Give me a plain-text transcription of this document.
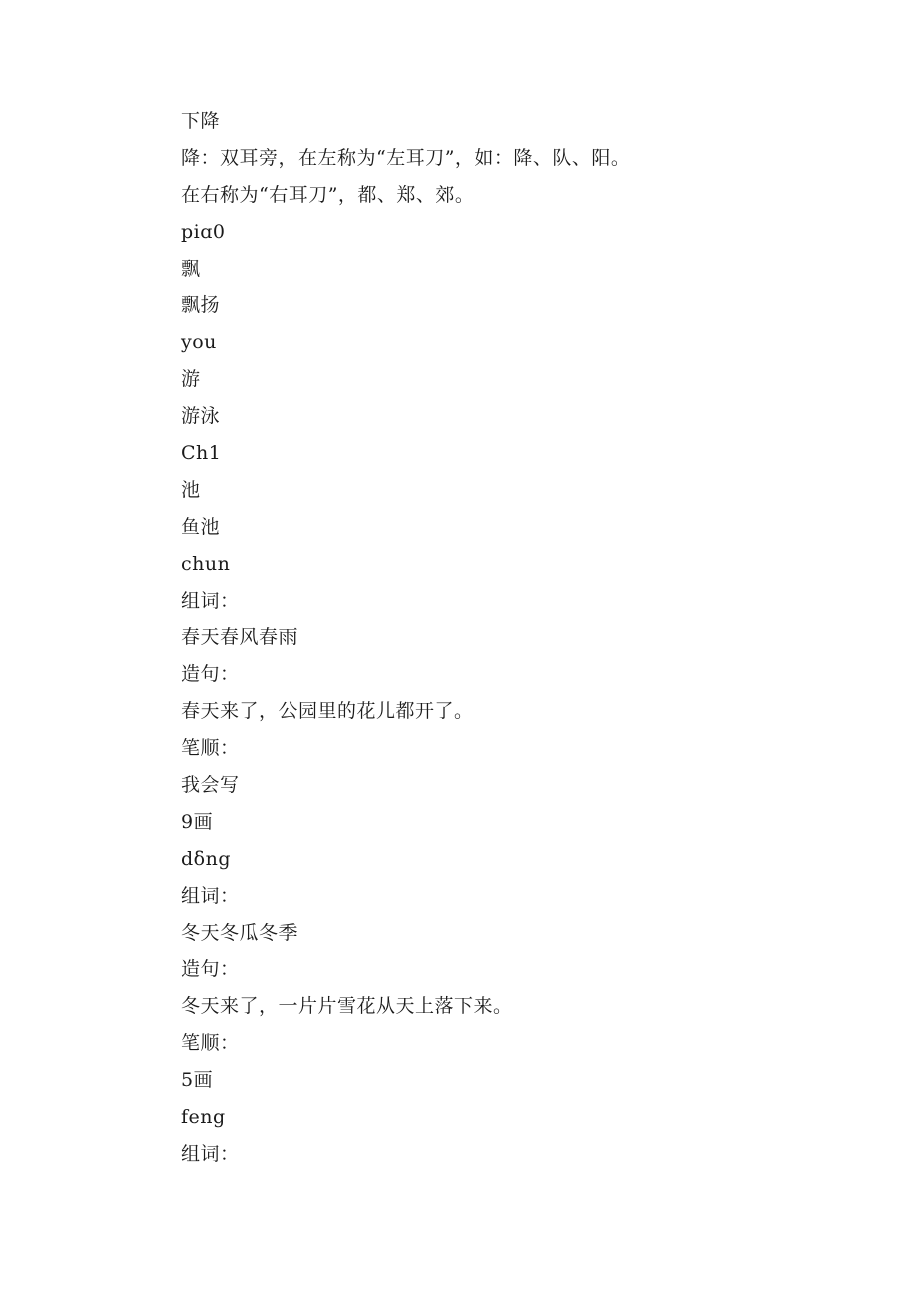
下降
降：双耳旁，在左称为“左耳刀”，如：降、队、阳。
在右称为“右耳刀”，都、郑、郊。
piɑ0
飘
飘扬
you
游
游泳
Ch1
池
鱼池
chun
组词：
春天春风春雨
造句：
春天来了，公园里的花儿都开了。
笔顺：
我会写
9画
dδng
组词：
冬天冬瓜冬季
造句：
冬天来了，一片片雪花从天上落下来。
笔顺：
5画
feng
组词：
